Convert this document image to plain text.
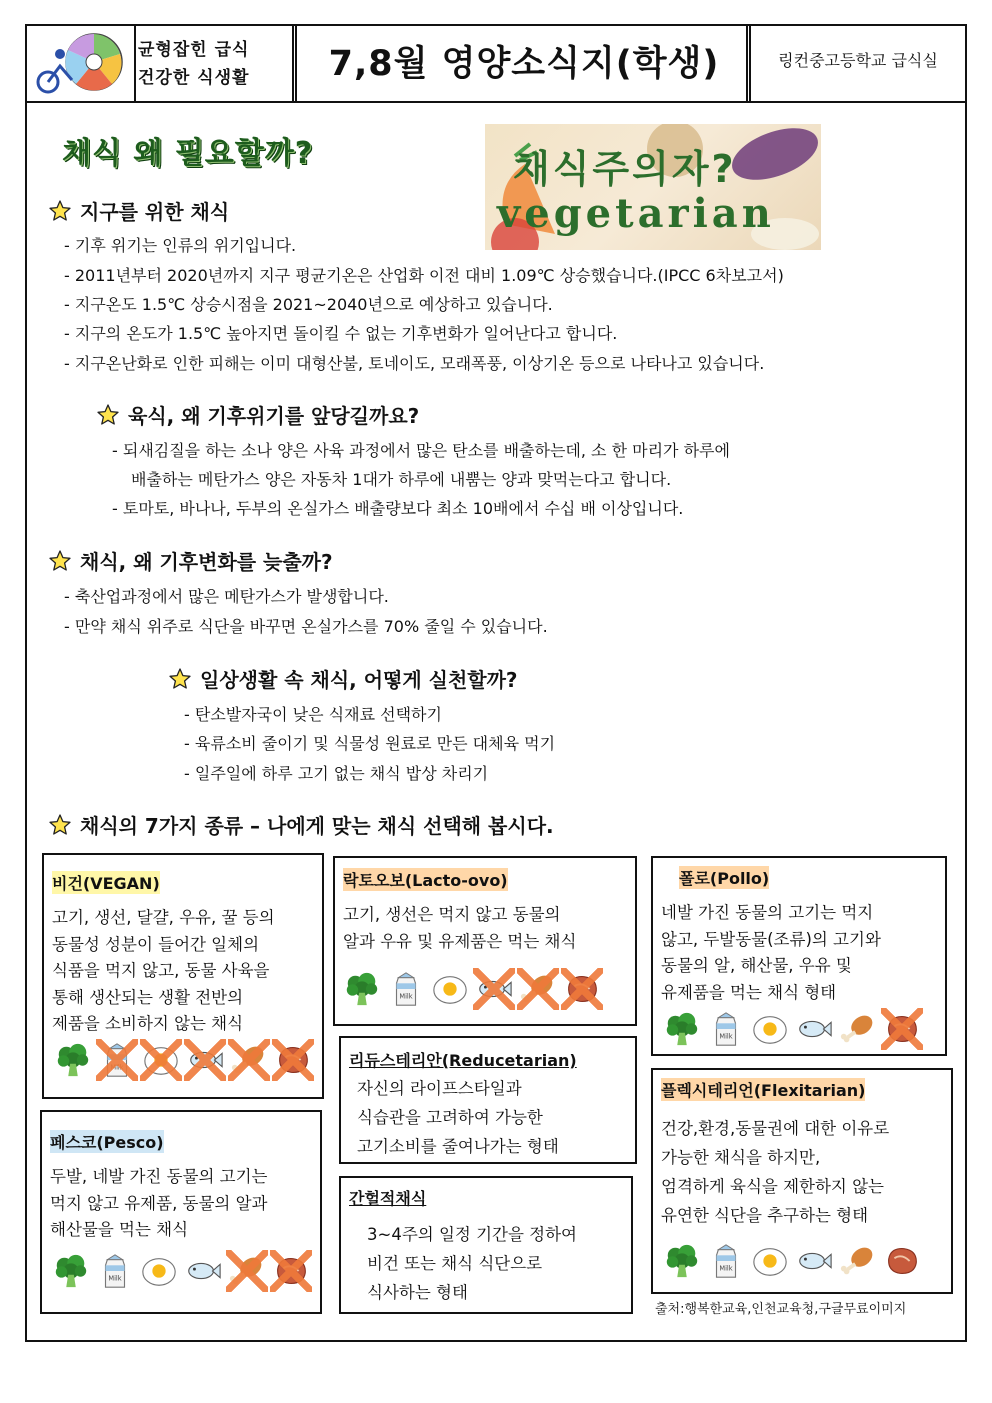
균형잡힌 급식
건강한 식생활	7,8월 영양소식지(학생)	링컨중고등학교 급식실
채식 왜 필요할까?	채식주의자?
vegetarian
지구를 위한 채식
- 기후 위기는 인류의 위기입니다.
- 2011년부터 2020년까지 지구 평균기온은 산업화 이전 대비 1.09℃ 상승했습니다.(IPCC 6차보고서)
- 지구온도 1.5℃ 상승시점을 2021~2040년으로 예상하고 있습니다.
- 지구의 온도가 1.5℃ 높아지면 돌이킬 수 없는 기후변화가 일어난다고 합니다.
- 지구온난화로 인한 피해는 이미 대형산불, 토네이도, 모래폭풍, 이상기온 등으로 나타나고 있습니다.
육식, 왜 기후위기를 앞당길까요?
- 되새김질을 하는 소나 양은 사육 과정에서 많은 탄소를 배출하는데, 소 한 마리가 하루에
배출하는 메탄가스 양은 자동차 1대가 하루에 내뿜는 양과 맞먹는다고 합니다.
- 토마토, 바나나, 두부의 온실가스 배출량보다 최소 10배에서 수십 배 이상입니다.
채식, 왜 기후변화를 늦출까?
- 축산업과정에서 많은 메탄가스가 발생합니다.
- 만약 채식 위주로 식단을 바꾸면 온실가스를 70% 줄일 수 있습니다.
일상생활 속 채식, 어떻게 실천할까?
- 탄소발자국이 낮은 식재료 선택하기
- 육류소비 줄이기 및 식물성 원료로 만든 대체육 먹기
- 일주일에 하루 고기 없는 채식 밥상 차리기
채식의 7가지 종류 – 나에게 맞는 채식 선택해 봅시다.
비건(VEGAN)
고기, 생선, 달걀, 우유, 꿀 등의
동물성 성분이 들어간 일체의
식품을 먹지 않고, 동물 사육을
통해 생산되는 생활 전반의
제품을 소비하지 않는 채식
락토오보(Lacto-ovo)
고기, 생선은 먹지 않고 동물의
알과 우유 및 유제품은 먹는 채식
폴로(Pollo)
네발 가진 동물의 고기는 먹지
않고, 두발동물(조류)의 고기와
동물의 알, 해산물, 우유 및
유제품을 먹는 채식 형태
리듀스테리안(Reducetarian)
자신의 라이프스타일과
식습관을 고려하여 가능한
고기소비를 줄여나가는 형태
플렉시테리언(Flexitarian)
건강,환경,동물권에 대한 이유로
가능한 채식을 하지만,
엄격하게 육식을 제한하지 않는
유연한 식단을 추구하는 형태
페스코(Pesco)
두발, 네발 가진 동물의 고기는
먹지 않고 유제품, 동물의 알과
해산물을 먹는 채식
간헐적채식
3~4주의 일정 기간을 정하여
비건 또는 채식 식단으로
식사하는 형태
출처:행복한교육,인천교육청,구글무료이미지
